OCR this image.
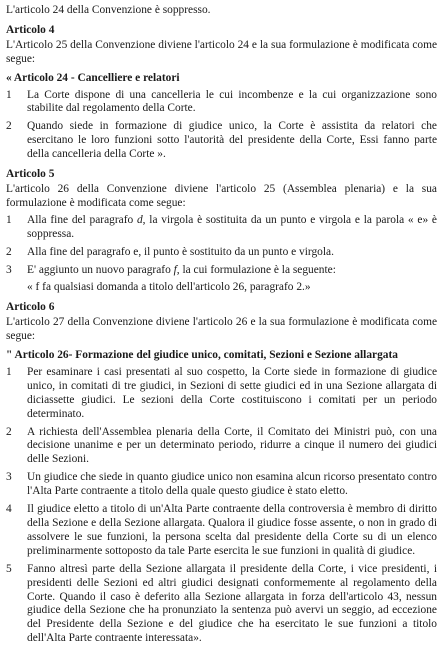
L'articolo 24 della Convenzione è soppresso.

Articolo 4

L'Articolo 25 della Convenzione diviene l'articolo 24 e la sua formulazione è modificata come segue:

« Articolo 24 - Cancelliere e relatori
1	La Corte dispone di una cancelleria le cui incombenze e la cui organizzazione sono stabilite dal regolamento della Corte.
2	Quando siede in formazione di giudice unico, la Corte è assistita da relatori che esercitano le loro funzioni sotto l'autorità del presidente della Corte, Essi fanno parte della cancelleria della Corte ».
Articolo 5

L'articolo 26 della Convenzione diviene l'articolo 25 (Assemblea plenaria) e la sua formulazione è modificata come segue:

1	Alla fine del paragrafo d, la virgola è sostituita da un punto e virgola e la parola « e» è soppressa.
2	Alla fine del paragrafo e, il punto è sostituito da un punto e virgola.
3	E' aggiunto un nuovo paragrafo f, la cui formulazione è la seguente:

« f fa qualsiasi domanda a titolo dell'articolo 26, paragrafo 2.»

Articolo 6

L'articolo 27 della Convenzione diviene l'articolo 26 e la sua formulazione è modificata come segue:

" Articolo 26- Formazione del giudice unico, comitati, Sezioni e Sezione allargata
1	Per esaminare i casi presentati al suo cospetto, la Corte siede in formazione di giudice unico, in comitati di tre giudici, in Sezioni di sette giudici ed in una Sezione allargata di diciassette giudici. Le sezioni della Corte costituiscono i comitati per un periodo determinato.
2	A richiesta dell'Assemblea plenaria della Corte, il Comitato dei Ministri può, con una decisione unanime e per un determinato periodo, ridurre a cinque il numero dei giudici delle Sezioni.
3	Un giudice che siede in quanto giudice unico non esamina alcun ricorso presentato contro l'Alta Parte contraente a titolo della quale questo giudice è stato eletto.
4	Il giudice eletto a titolo di un'Alta Parte contraente della controversia è membro di diritto della Sezione e della Sezione allargata. Qualora il giudice fosse assente, o non in grado di assolvere le sue funzioni, la persona scelta dal presidente della Corte su di un elenco preliminarmente sottoposto da tale Parte esercita le sue funzioni in qualità di giudice.
5	Fanno altresì parte della Sezione allargata il presidente della Corte, i vice presidenti, i presidenti delle Sezioni ed altri giudici designati conformemente al regolamento della Corte. Quando il caso è deferito alla Sezione allargata in forza dell'articolo 43, nessun giudice della Sezione che ha pronunziato la sentenza può avervi un seggio, ad eccezione del Presidente della Sezione e del giudice che ha esercitato le sue funzioni a titolo dell'Alta Parte contraente interessata».
